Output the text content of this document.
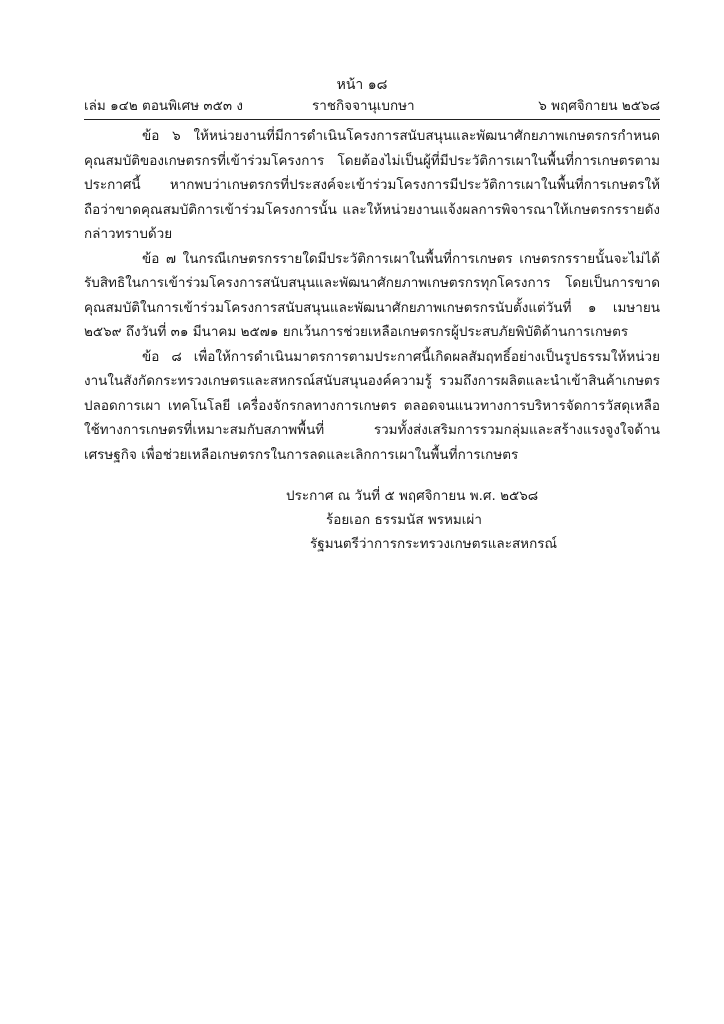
หน้า ๑๘
เล่ม ๑๔๒ ตอนพิเศษ ๓๕๓ ง	ราชกิจจานุเบกษา	๖ พฤศจิกายน ๒๕๖๘

ข้อ ๖ ให้หน่วยงานที่มีการดำเนินโครงการสนับสนุนและพัฒนาศักยภาพเกษตรกรกำหนดคุณสมบัติของเกษตรกรที่เข้าร่วมโครงการ โดยต้องไม่เป็นผู้ที่มีประวัติการเผาในพื้นที่การเกษตรตามประกาศนี้ หากพบว่าเกษตรกรที่ประสงค์จะเข้าร่วมโครงการมีประวัติการเผาในพื้นที่การเกษตรให้ถือว่าขาดคุณสมบัติการเข้าร่วมโครงการนั้น และให้หน่วยงานแจ้งผลการพิจารณาให้เกษตรกรรายดังกล่าวทราบด้วย

ข้อ ๗ ในกรณีเกษตรกรรายใดมีประวัติการเผาในพื้นที่การเกษตร เกษตรกรรายนั้นจะไม่ได้รับสิทธิในการเข้าร่วมโครงการสนับสนุนและพัฒนาศักยภาพเกษตรกรทุกโครงการ โดยเป็นการขาดคุณสมบัติในการเข้าร่วมโครงการสนับสนุนและพัฒนาศักยภาพเกษตรกรนับตั้งแต่วันที่ ๑ เมษายน ๒๕๖๙ ถึงวันที่ ๓๑ มีนาคม ๒๕๗๑ ยกเว้นการช่วยเหลือเกษตรกรผู้ประสบภัยพิบัติด้านการเกษตร

ข้อ ๘ เพื่อให้การดำเนินมาตรการตามประกาศนี้เกิดผลสัมฤทธิ์อย่างเป็นรูปธรรมให้หน่วยงานในสังกัดกระทรวงเกษตรและสหกรณ์สนับสนุนองค์ความรู้ รวมถึงการผลิตและนำเข้าสินค้าเกษตรปลอดการเผา เทคโนโลยี เครื่องจักรกลทางการเกษตร ตลอดจนแนวทางการบริหารจัดการวัสดุเหลือใช้ทางการเกษตรที่เหมาะสมกับสภาพพื้นที่ รวมทั้งส่งเสริมการรวมกลุ่มและสร้างแรงจูงใจด้านเศรษฐกิจ เพื่อช่วยเหลือเกษตรกรในการลดและเลิกการเผาในพื้นที่การเกษตร

ประกาศ ณ วันที่ ๕ พฤศจิกายน พ.ศ. ๒๕๖๘
ร้อยเอก ธรรมนัส พรหมเผ่า
รัฐมนตรีว่าการกระทรวงเกษตรและสหกรณ์
